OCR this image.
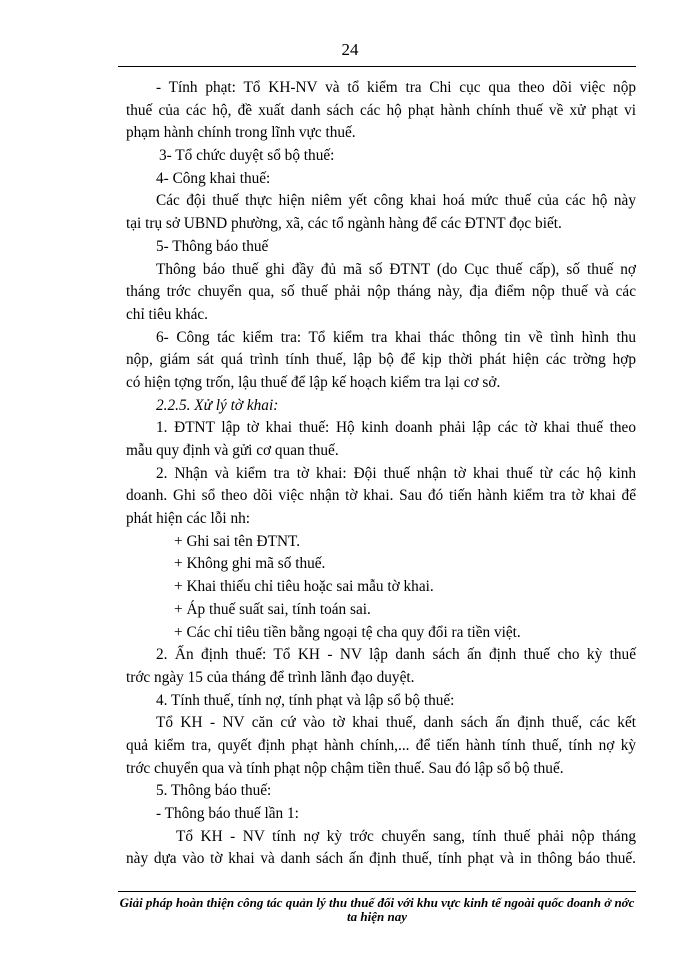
24
- Tính phạt: Tổ KH-NV và tổ kiểm tra Chi cục qua theo dõi việc nộp
thuế của các hộ, đề xuất danh sách các hộ phạt hành chính thuế về xử phạt vi
phạm hành chính trong lĩnh vực thuế.
3- Tổ chức duyệt sổ bộ thuế:
4- Công khai thuế:
Các đội thuế thực hiện niêm yết công khai hoá mức thuế của các hộ này
tại trụ sở UBND phường, xã, các tổ ngành hàng để các ĐTNT đọc biết.
5- Thông báo thuế
Thông báo thuế ghi đầy đủ mã số ĐTNT (do Cục thuế cấp), số thuế nợ
tháng trớc chuyển qua, số thuế phải nộp tháng này, địa điểm nộp thuế và các
chỉ tiêu khác.
6- Công tác kiểm tra: Tổ kiểm tra khai thác thông tin về tình hình thu
nộp, giám sát quá trình tính thuế, lập bộ để kịp thời phát hiện các trờng hợp
có hiện tợng trốn, lậu thuế để lập kế hoạch kiểm tra lại cơ sở.
2.2.5. Xử lý tờ khai:
1. ĐTNT lập tờ khai thuế: Hộ kinh doanh phải lập các tờ khai thuế theo
mẫu quy định và gửi cơ quan thuế.
2. Nhận và kiểm tra tờ khai: Đội thuế nhận tờ khai thuế từ các hộ kinh
doanh. Ghi sổ theo dõi việc nhận tờ khai. Sau đó tiến hành kiểm tra tờ khai để
phát hiện các lỗi nh:
+ Ghi sai tên ĐTNT.
+ Không ghi mã số thuế.
+ Khai thiếu chỉ tiêu hoặc sai mẫu tờ khai.
+ Áp thuế suất sai, tính toán sai.
+ Các chỉ tiêu tiền bằng ngoại tệ cha quy đổi ra tiền việt.
2. Ấn định thuế: Tổ KH - NV lập danh sách ấn định thuế cho kỳ thuế
trớc ngày 15 của tháng để trình lãnh đạo duyệt.
4. Tính thuế, tính nợ, tính phạt và lập sổ bộ thuế:
Tổ KH - NV căn cứ vào tờ khai thuế, danh sách ấn định thuế, các kết
quả kiểm tra, quyết định phạt hành chính,... để tiến hành tính thuế, tính nợ kỳ
trớc chuyển qua và tính phạt nộp chậm tiền thuế. Sau đó lập sổ bộ thuế.
5. Thông báo thuế:
- Thông báo thuế lần 1:
Tổ KH - NV tính nợ kỳ trớc chuyển sang, tính thuế phải nộp tháng
này dựa vào tờ khai và danh sách ấn định thuế, tính phạt và in thông báo thuế.
Giải pháp hoàn thiện công tác quản lý thu thuế đối với khu vực kinh tế ngoài quốc doanh ở nớc ta hiện nay
